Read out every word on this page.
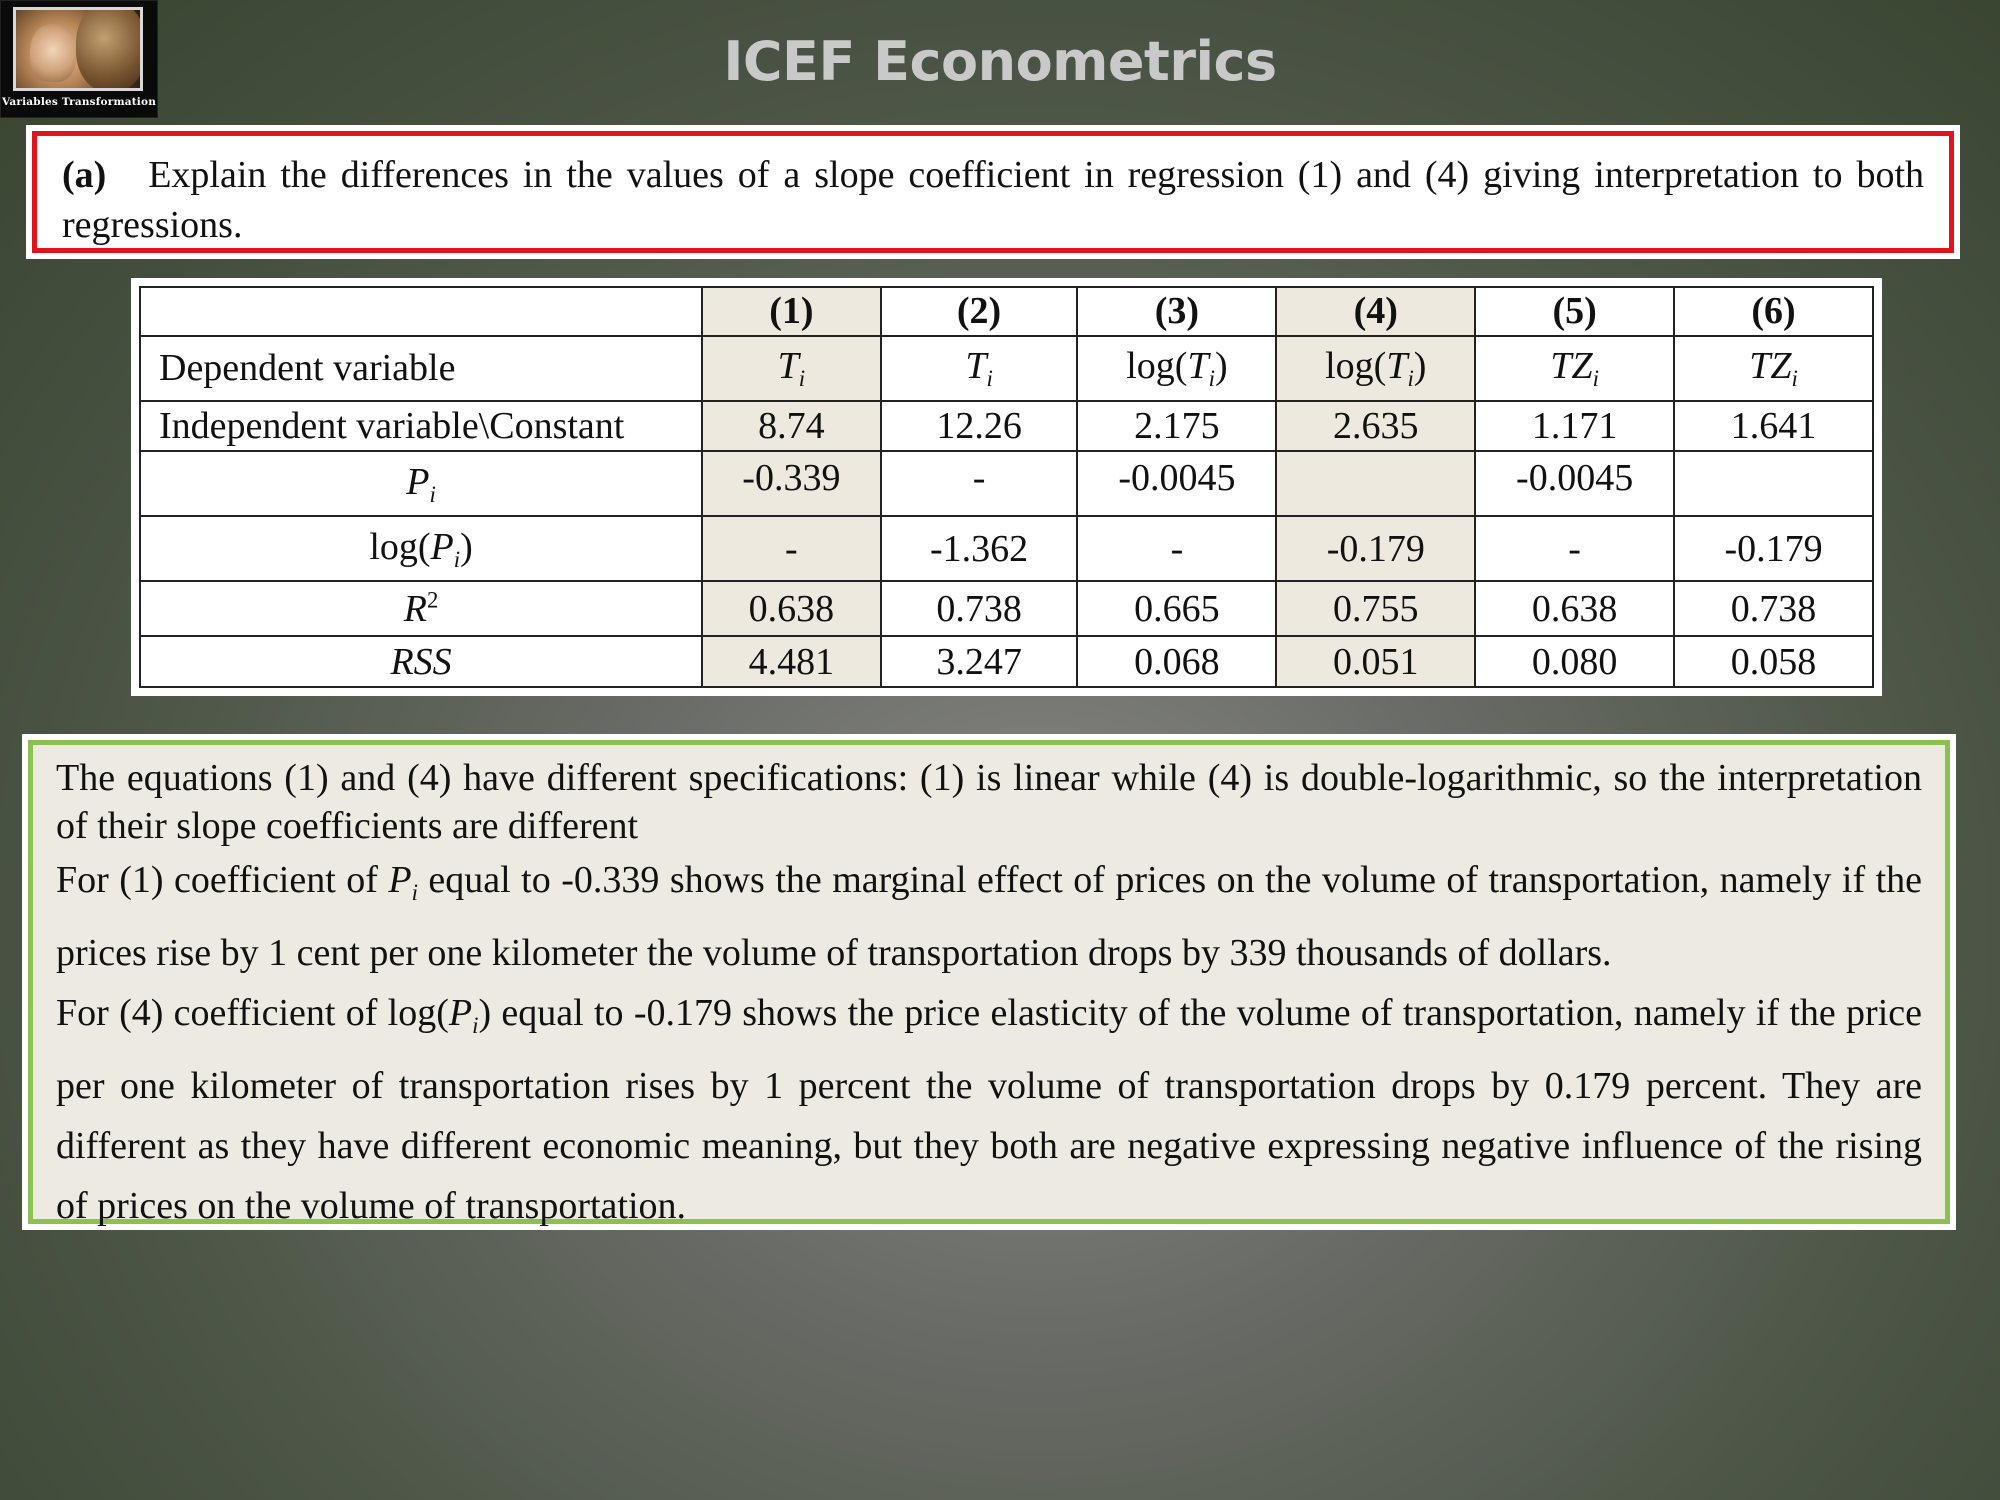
Variables Transformation
ICEF Econometrics
(a) Explain the differences in the values of a slope coefficient in regression (1) and (4) giving interpretation to both regressions.
	(1)	(2)	(3)	(4)	(5)	(6)
Dependent variable	$T_i$	$T_i$	$\log(T_i)$	$\log(T_i)$	$TZ_i$	$TZ_i$
Independent variable\Constant	8.74	12.26	2.175	2.635	1.171	1.641
$P_i$	-0.339	-	-0.0045		-0.0045	
$\log(P_i)$	-	-1.362	-	-0.179	-	-0.179
$R^2$	0.638	0.738	0.665	0.755	0.638	0.738
RSS	4.481	3.247	0.068	0.051	0.080	0.058

The equations (1) and (4) have different specifications: (1) is linear while (4) is double-logarithmic, so the interpretation of their slope coefficients are different

For (1) coefficient of $P_i$ equal to -0.339 shows the marginal effect of prices on the volume of transportation, namely if the prices rise by 1 cent per one kilometer the volume of transportation drops by 339 thousands of dollars.

For (4) coefficient of $\log(P_i)$ equal to -0.179 shows the price elasticity of the volume of transportation, namely if the price per one kilometer of transportation rises by 1 percent the volume of transportation drops by 0.179 percent. They are different as they have different economic meaning, but they both are negative expressing negative influence of the rising of prices on the volume of transportation.
